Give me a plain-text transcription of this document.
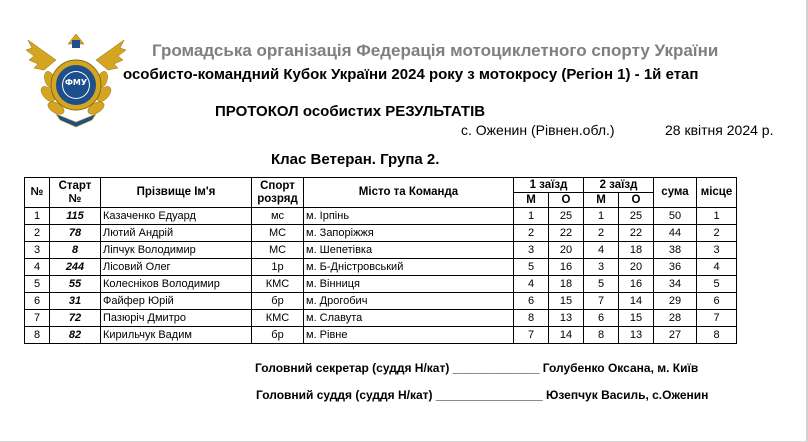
ФМУ
Громадська організація Федерація мотоциклетного спорту України
особисто-командний Кубок України 2024 року з мотокросу (Регіон 1) - 1й етап
ПРОТОКОЛ особистих РЕЗУЛЬТАТІВ
с. Оженин (Рівнен.обл.)	28 квітня 2024 р.
Клас Ветеран. Група 2.
№	Старт №	Прізвище Ім'я	Спорт розряд	Місто та Команда	1 заїзд		2 заїзд		сума	місце
					М	О	М	О		
1	115	Казаченко Едуард	мс	м. Ірпінь	1	25	1	25	50	1
2	78	Лютий Андрій	МС	м. Запоріжжя	2	22	2	22	44	2
3	8	Ліпчук Володимир	МС	м. Шепетівка	3	20	4	18	38	3
4	244	Лісовий Олег	1р	м. Б-Дністровський	5	16	3	20	36	4
5	55	Колесніков Володимир	КМС	м. Вінниця	4	18	5	16	34	5
6	31	Файфер Юрій	бр	м. Дрогобич	6	15	7	14	29	6
7	72	Пазюріч Дмитро	КМС	м. Славута	8	13	6	15	28	7
8	82	Кирильчук Вадим	бр	м. Рівне	7	14	8	13	27	8
Головний секретар (суддя Н/кат) _____________ Голубенко Оксана, м. Київ
Головний суддя (суддя Н/кат) ________________ Юзепчук Василь, с.Оженин
